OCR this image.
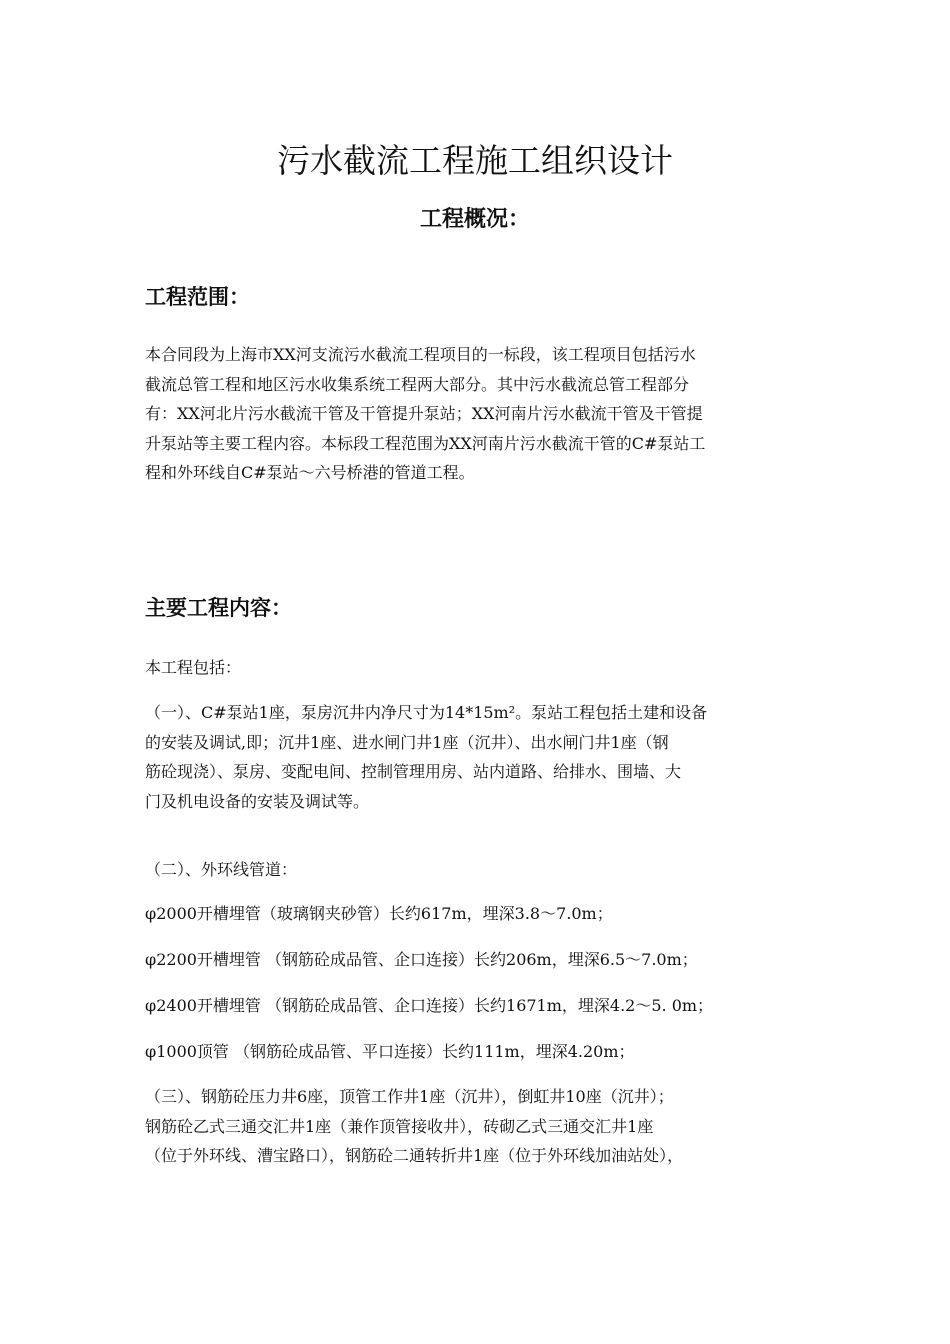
污水截流工程施工组织设计
工程概况：
工程范围：
本合同段为上海市XX河支流污水截流工程项目的一标段，该工程项目包括污水
截流总管工程和地区污水收集系统工程两大部分。其中污水截流总管工程部分
有：XX河北片污水截流干管及干管提升泵站；XX河南片污水截流干管及干管提
升泵站等主要工程内容。本标段工程范围为XX河南片污水截流干管的C#泵站工
程和外环线自C#泵站～六号桥港的管道工程。
主要工程内容：

本工程包括：

（一）、C#泵站1座，泵房沉井内净尺寸为14*15m²。泵站工程包括土建和设备
的安装及调试,即；沉井1座、进水闸门井1座（沉井）、出水闸门井1座（钢
筋砼现浇）、泵房、变配电间、控制管理用房、站内道路、给排水、围墙、大
门及机电设备的安装及调试等。

（二）、外环线管道：

φ2000开槽埋管（玻璃钢夹砂管）长约617m，埋深3.8～7.0m；

φ2200开槽埋管 （钢筋砼成品管、企口连接）长约206m，埋深6.5～7.0m；

φ2400开槽埋管 （钢筋砼成品管、企口连接）长约1671m，埋深4.2～5. 0m；

φ1000顶管 （钢筋砼成品管、平口连接）长约111m，埋深4.20m；

（三）、钢筋砼压力井6座，顶管工作井1座（沉井），倒虹井10座（沉井）；
钢筋砼乙式三通交汇井1座（兼作顶管接收井），砖砌乙式三通交汇井1座
（位于外环线、漕宝路口），钢筋砼二通转折井1座（位于外环线加油站处），
